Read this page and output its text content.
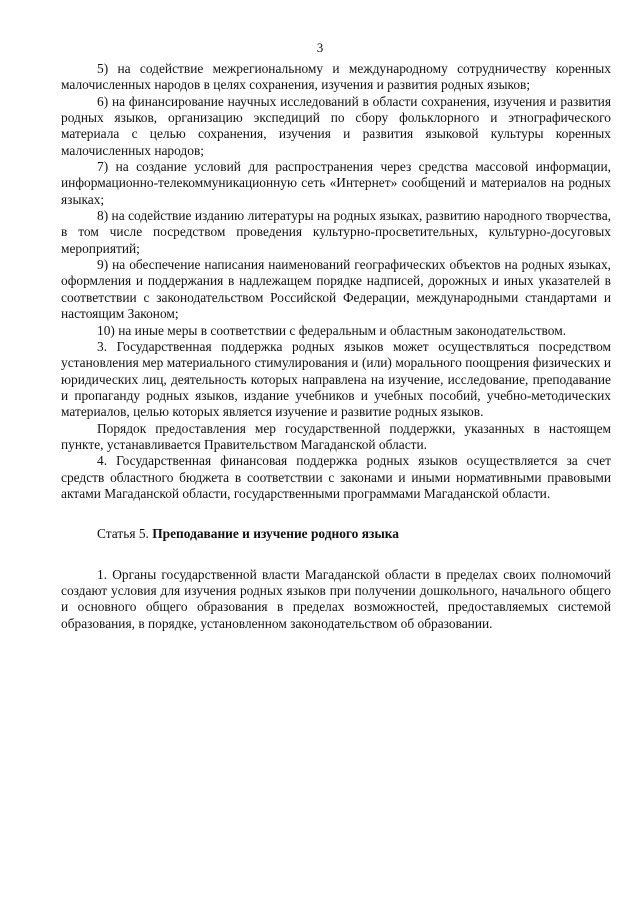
3

5) на содействие межрегиональному и международному сотрудничеству коренных малочисленных народов в целях сохранения, изучения и развития родных языков;

6) на финансирование научных исследований в области сохранения, изучения и развития родных языков, организацию экспедиций по сбору фольклорного и этнографического материала с целью сохранения, изучения и развития языковой культуры коренных малочисленных народов;

7) на создание условий для распространения через средства массовой информации, информационно-телекоммуникационную сеть «Интернет» сообщений и материалов на родных языках;

8) на содействие изданию литературы на родных языках, развитию народного творчества, в том числе посредством проведения культурно-просветительных, культурно-досуговых мероприятий;

9) на обеспечение написания наименований географических объектов на родных языках, оформления и поддержания в надлежащем порядке надписей, дорожных и иных указателей в соответствии с законодательством Российской Федерации, международными стандартами и настоящим Законом;

10) на иные меры в соответствии с федеральным и областным законодательством.

3. Государственная поддержка родных языков может осуществляться посредством установления мер материального стимулирования и (или) морального поощрения физических и юридических лиц, деятельность которых направлена на изучение, исследование, преподавание и пропаганду родных языков, издание учебников и учебных пособий, учебно-методических материалов, целью которых является изучение и развитие родных языков.

Порядок предоставления мер государственной поддержки, указанных в настоящем пункте, устанавливается Правительством Магаданской области.

4. Государственная финансовая поддержка родных языков осуществляется за счет средств областного бюджета в соответствии с законами и иными нормативными правовыми актами Магаданской области, государственными программами Магаданской области.

Статья 5. Преподавание и изучение родного языка

1. Органы государственной власти Магаданской области в пределах своих полномочий создают условия для изучения родных языков при получении дошкольного, начального общего и основного общего образования в пределах возможностей, предоставляемых системой образования, в порядке, установленном законодательством об образовании.
